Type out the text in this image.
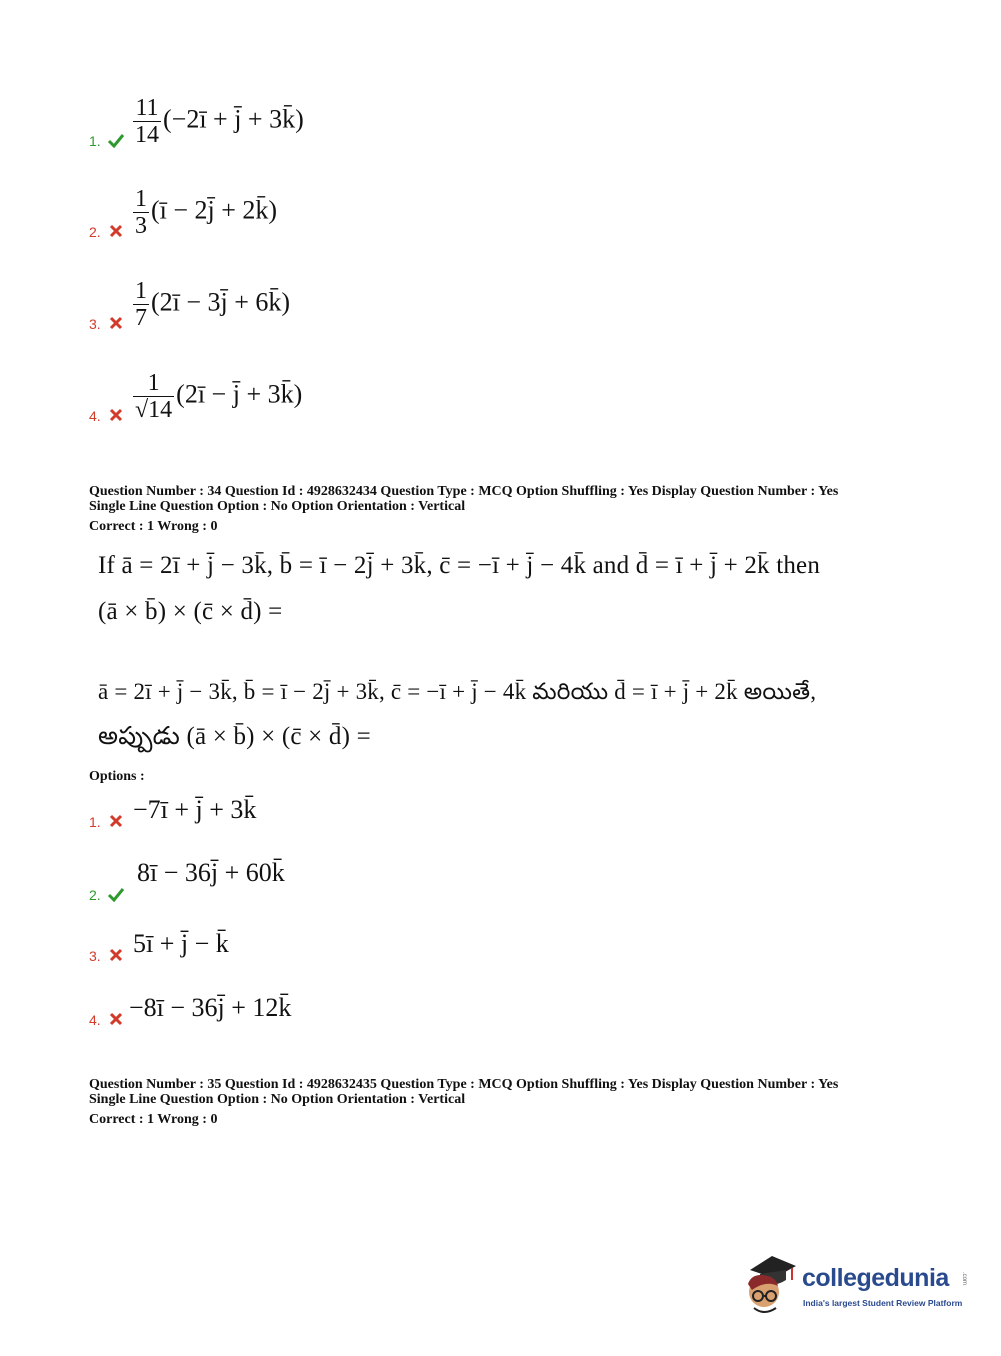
1. $\frac{11}{14}$ (−2ī + j̄ + 3k̄)
2. $\frac{1}{3}$ (ī − 2j̄ + 2k̄)
3. $\frac{1}{7}$ (2ī − 3j̄ + 6k̄)
4. $\frac{1}{√14}$ (2ī − j̄ + 3k̄)
Question Number : 34 Question Id : 4928632434 Question Type : MCQ Option Shuffling : Yes Display Question Number : Yes
Single Line Question Option : No Option Orientation : Vertical
Correct : 1 Wrong : 0
If ā = 2ī + j̄ − 3k̄, b̄ = ī − 2j̄ + 3k̄, c̄ = −ī + j̄ − 4k̄ and d̄ = ī + j̄ + 2k̄ then
(ā × b̄) × (c̄ × d̄) =
ā = 2ī + j̄ − 3k̄, b̄ = ī − 2j̄ + 3k̄, c̄ = −ī + j̄ − 4k̄ మరియు d̄ = ī + j̄ + 2k̄ అయితే,
అప్పుడు (ā × b̄) × (c̄ × d̄) =
Options :
1. −7ī + j̄ + 3k̄
2.
8ī − 36j̄ + 60k̄
3. 5ī + j̄ − k̄
4. −8ī − 36j̄ + 12k̄
Question Number : 35 Question Id : 4928632435 Question Type : MCQ Option Shuffling : Yes Display Question Number : Yes
Single Line Question Option : No Option Orientation : Vertical
Correct : 1 Wrong : 0
collegedunia .com
India's largest Student Review Platform
